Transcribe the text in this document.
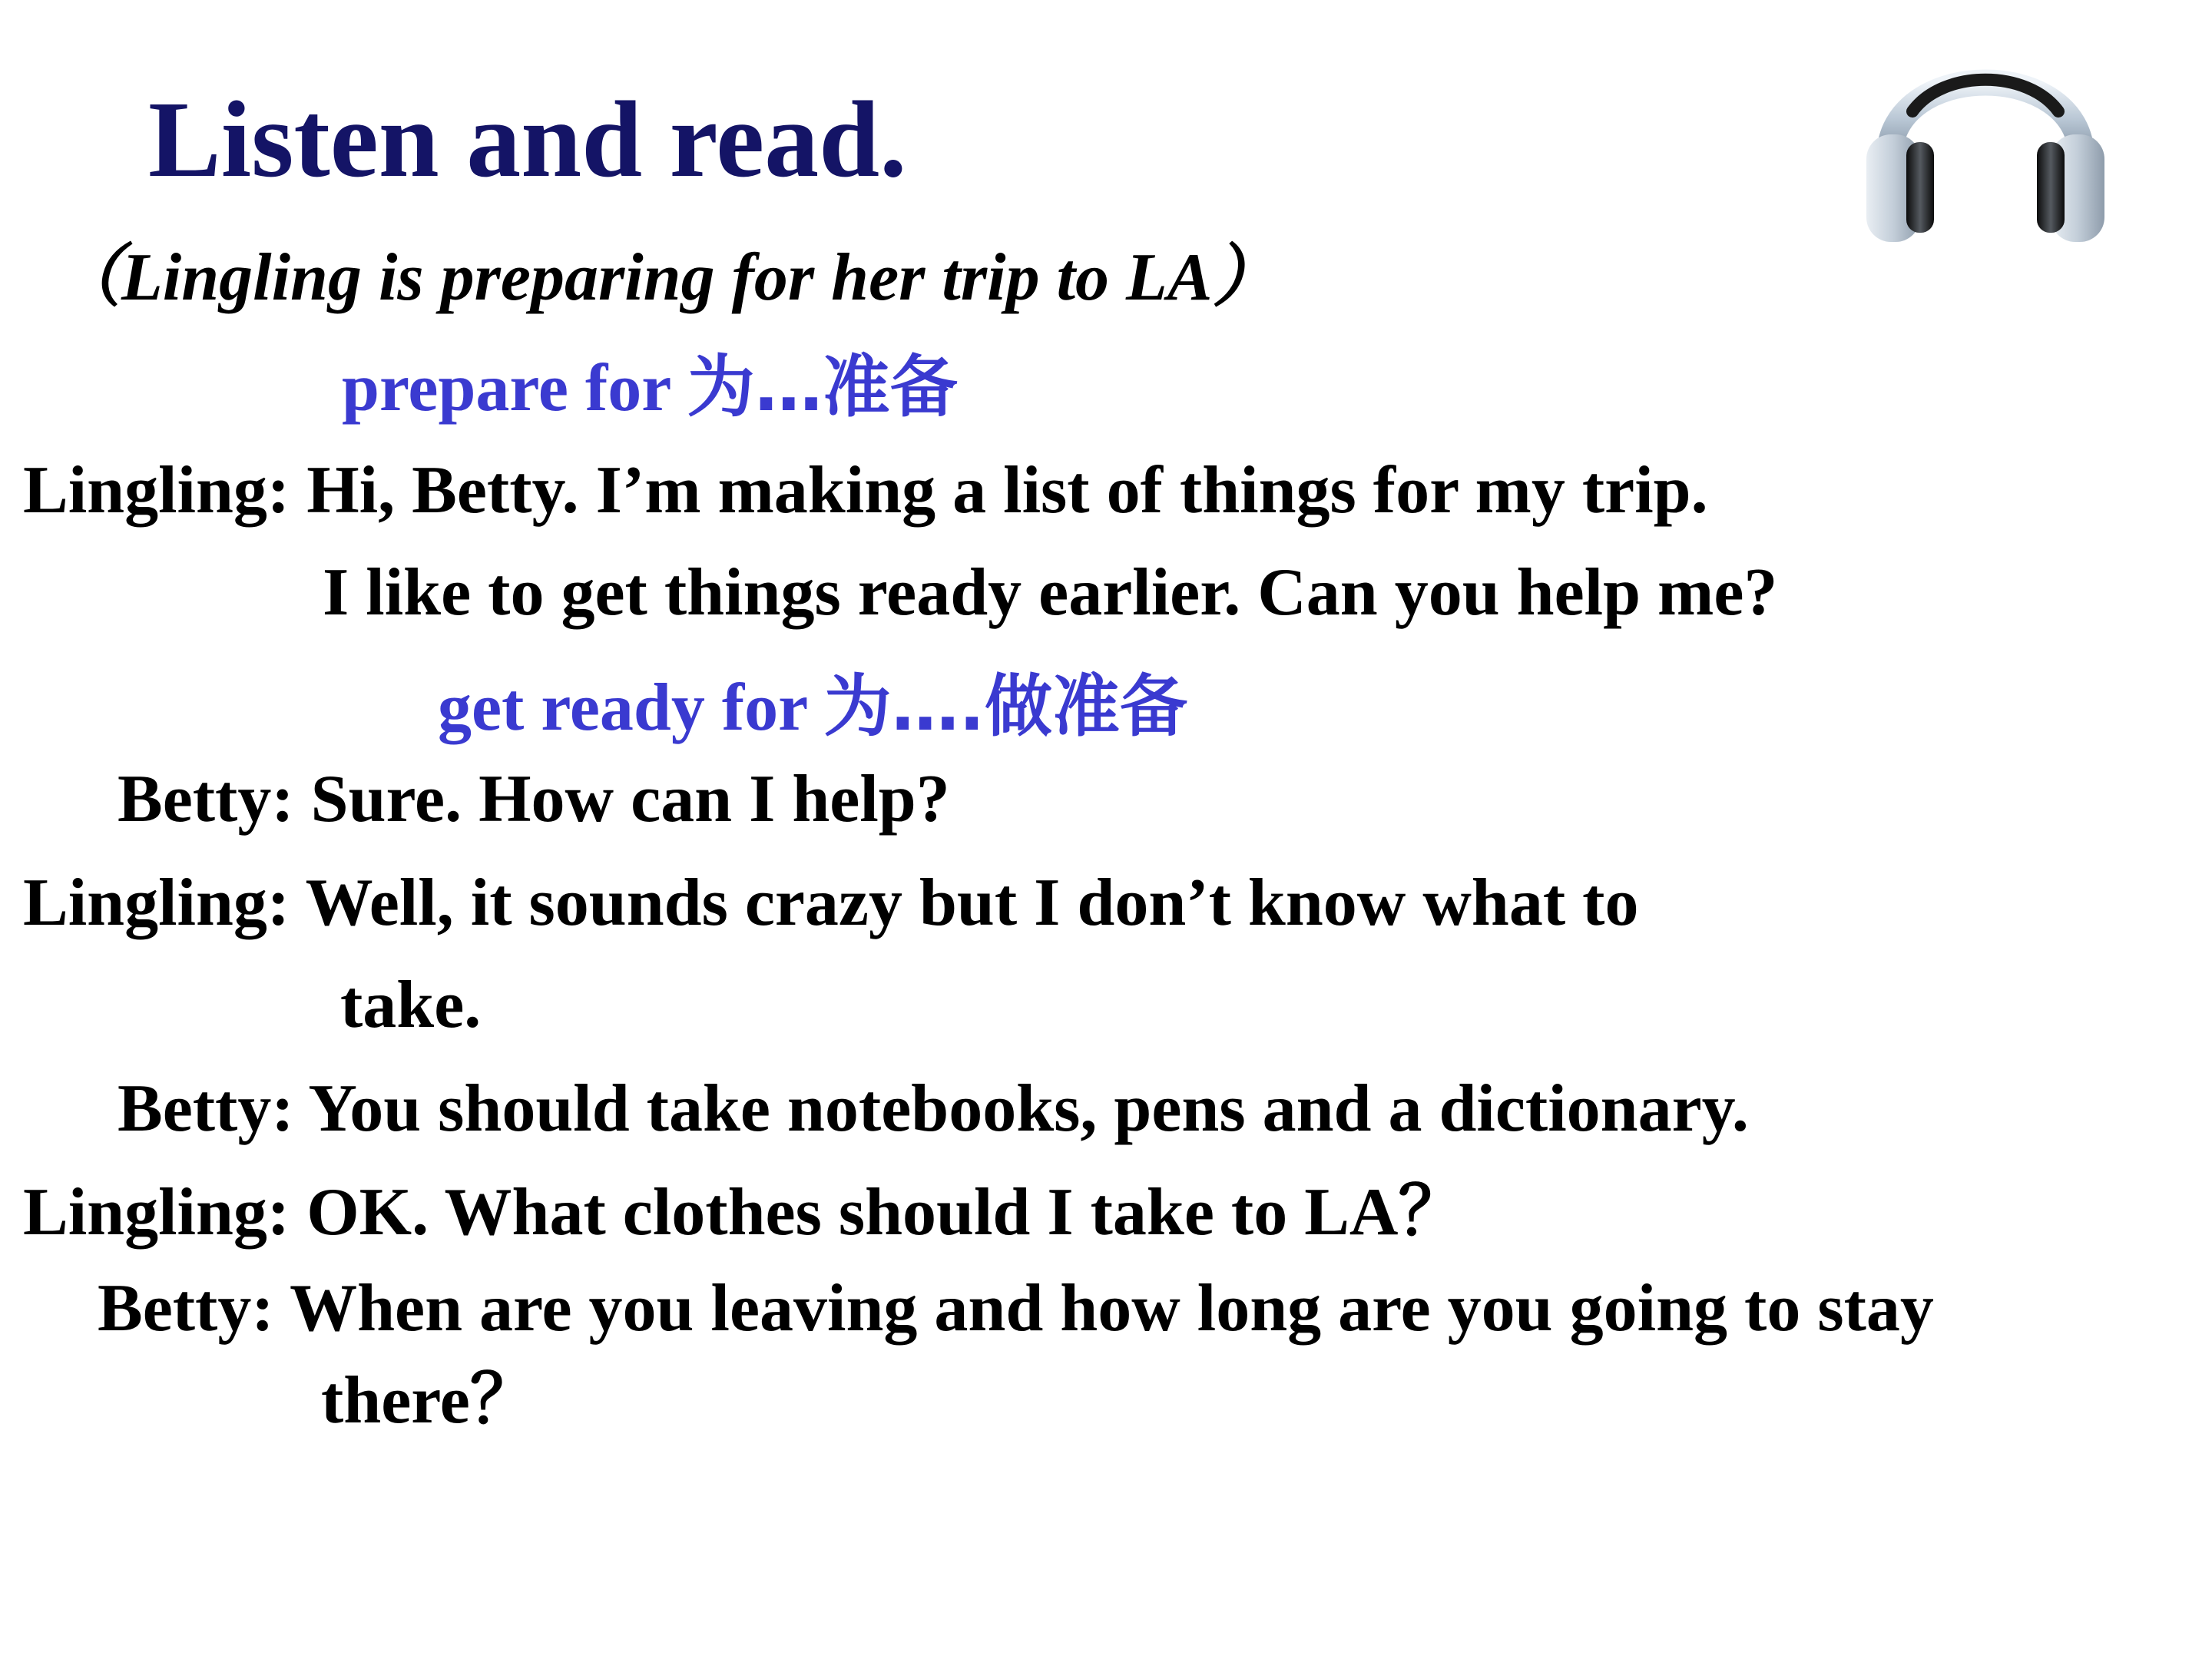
Listen and read.
（Lingling is preparing for her trip to LA）
prepare for 为…准备
Lingling: Hi, Betty. I’m making a list of things for my trip.
I like to get things ready earlier. Can you help me?
get ready for 为….做准备
Betty: Sure. How can I help?
Lingling: Well, it sounds crazy but I don’t know what to
take.
Betty: You should take notebooks, pens and a dictionary.
Lingling: OK. What clothes should I take to LA？
Betty: When are you leaving and how long are you going to stay
there？
